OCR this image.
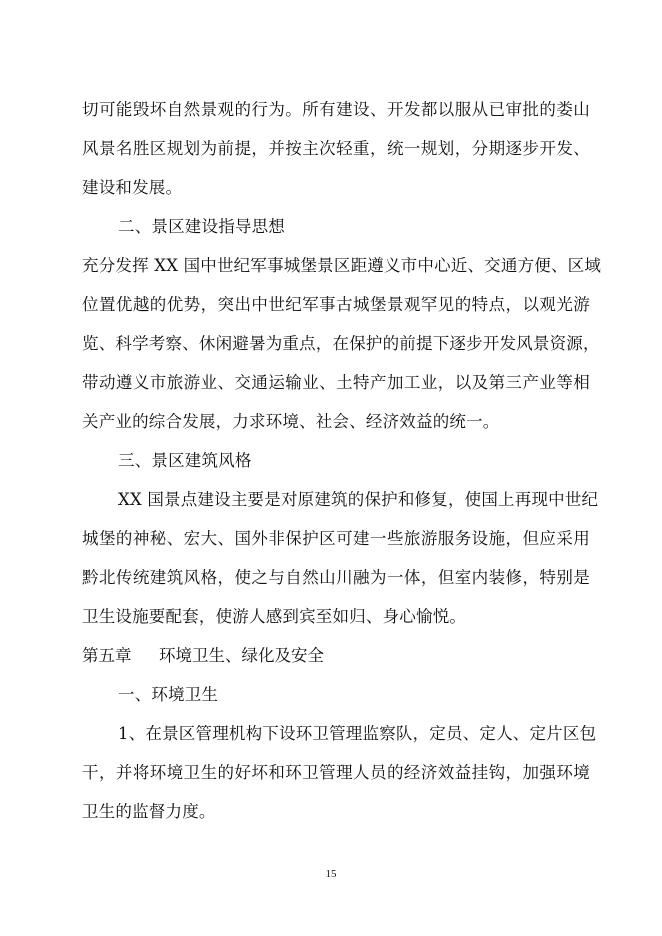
切可能毁坏自然景观的行为。所有建设、开发都以服从已审批的娄山
风景名胜区规划为前提，并按主次轻重，统一规划，分期逐步开发、
建设和发展。
二、景区建设指导思想
充分发挥 XX 国中世纪军事城堡景区距遵义市中心近、交通方便、区域
位置优越的优势，突出中世纪军事古城堡景观罕见的特点，以观光游
览、科学考察、休闲避暑为重点，在保护的前提下逐步开发风景资源，
带动遵义市旅游业、交通运输业、土特产加工业，以及第三产业等相
关产业的综合发展，力求环境、社会、经济效益的统一。
三、景区建筑风格
XX 国景点建设主要是对原建筑的保护和修复，使国上再现中世纪
城堡的神秘、宏大、国外非保护区可建一些旅游服务设施，但应采用
黔北传统建筑风格，使之与自然山川融为一体，但室内装修，特别是
卫生设施要配套，使游人感到宾至如归、身心愉悦。
第五章 环境卫生、绿化及安全
一、环境卫生
1、在景区管理机构下设环卫管理监察队，定员、定人、定片区包
干，并将环境卫生的好坏和环卫管理人员的经济效益挂钩，加强环境
卫生的监督力度。
15
